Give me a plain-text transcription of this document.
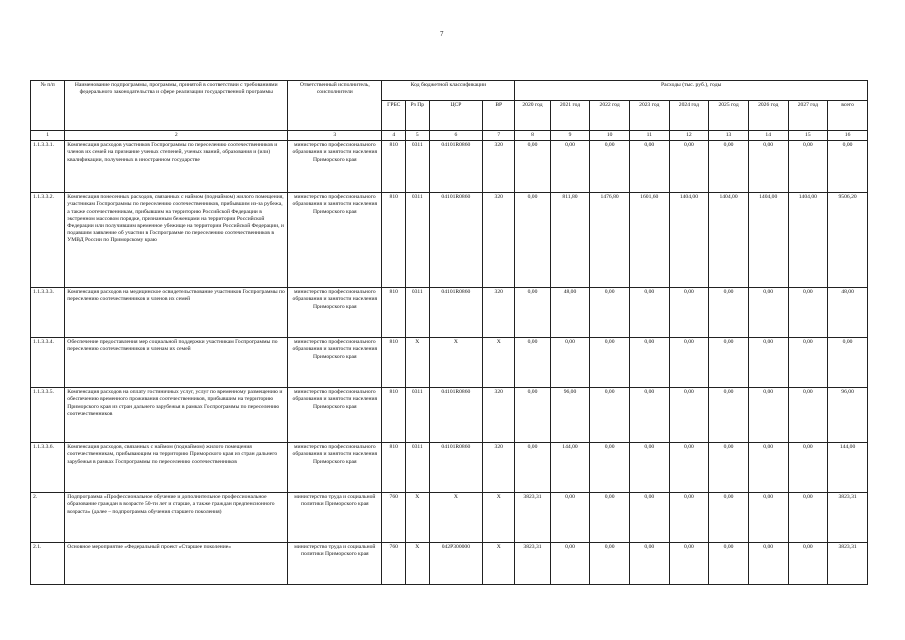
7
№ п/п	Наименование подпрограммы, программы, принятой в соответствии с требованиями федерального законодательства и сфере реализации государственной программы	Ответственный исполнитель, соисполнители	Код бюджетной классификации				Расходы (тыс. руб.), годы								
			ГРБС	Рз Пр	ЦСР	ВР	2020 год	2021 год	2022 год	2023 год	2024 год	2025 год	2026 год	2027 год	всего
1	2	3	4	5	6	7	8	9	10	11	12	13	14	15	16
1.1.3.3.1.	Компенсация расходов участников Госпрограммы по переселению соотечественников и членов их семей на признание ученых степеней, ученых званий, образования и (или) квалификации, полученных в иностранном государстве	министерство профессионального образования и занятости населения Приморского края	810	0311	04101R0860	320	0,00	0,00	0,00	0,00	0,00	0,00	0,00	0,00	0,00
1.1.3.3.2.	Компенсация понесенных расходов, связанных с наймом (поднаймом) жилого помещения, участникам Госпрограммы по переселению соотечественников, прибывшим из-за рубежа, а также соотечественникам, прибывшим на территорию Российской Федерации в экстренном массовом порядке, признанным беженцами на территории Российской Федерации или получившим временное убежище на территории Российской Федерации, и подавшим заявление об участии в Госпрограмме по переселению соотечественников в УМВД России по Приморскому краю	министерство профессионального образования и занятости населения Приморского края	810	0311	04101R0860	320	0,00	811,80	1476,80	1601,60	1404,00	1404,00	1404,00	1404,00	9506,20
1.1.3.3.3.	Компенсация расходов на медицинское освидетельствование участников Госпрограммы по переселению соотечественников и членов их семей	министерство профессионального образования и занятости населения Приморского края	810	0311	04101R0860	320	0,00	48,00	0,00	0,00	0,00	0,00	0,00	0,00	48,00
1.1.3.3.4.	Обеспечение предоставления мер социальной поддержки участникам Госпрограммы по переселению соотечественников и членам их семей	министерство профессионального образования и занятости населения Приморского края	810	X	X	X	0,00	0,00	0,00	0,00	0,00	0,00	0,00	0,00	0,00
1.1.3.3.5.	Компенсация расходов на оплату гостиничных услуг, услуг по временному размещению и обеспечению временного проживания соотечественников, прибывшим на территорию Приморского края из стран дальнего зарубежья в рамках Госпрограммы по переселению соотечественников	министерство профессионального образования и занятости населения Приморского края	810	0311	04101R0860	320	0,00	96,00	0,00	0,00	0,00	0,00	0,00	0,00	96,00
1.1.3.3.6.	Компенсация расходов, связанных с наймом (поднаймом) жилого помещения соотечественникам, прибывающим на территорию Приморского края из стран дальнего зарубежья в рамках Госпрограммы по переселению соотечественников	министерство профессионального образования и занятости населения Приморского края	810	0311	04101R0860	320	0,00	144,00	0,00	0,00	0,00	0,00	0,00	0,00	144,00
2.	Подпрограмма «Профессиональное обучение и дополнительное профессиональное образование граждан в возрасте 50-ти лет и старше, а также граждан предпенсионного возраста» (далее – подпрограмма обучения старшего поколения)	министерство труда и социальной политики Приморского края	760	X	X	X	3823,31	0,00	0,00	0,00	0,00	0,00	0,00	0,00	3823,31
2.1.	Основное мероприятие «Федеральный проект «Старшее поколение»	министерство труда и социальной политики Приморского края	760	X	042P300000	X	3823,31	0,00	0,00	0,00	0,00	0,00	0,00	0,00	3823,31
